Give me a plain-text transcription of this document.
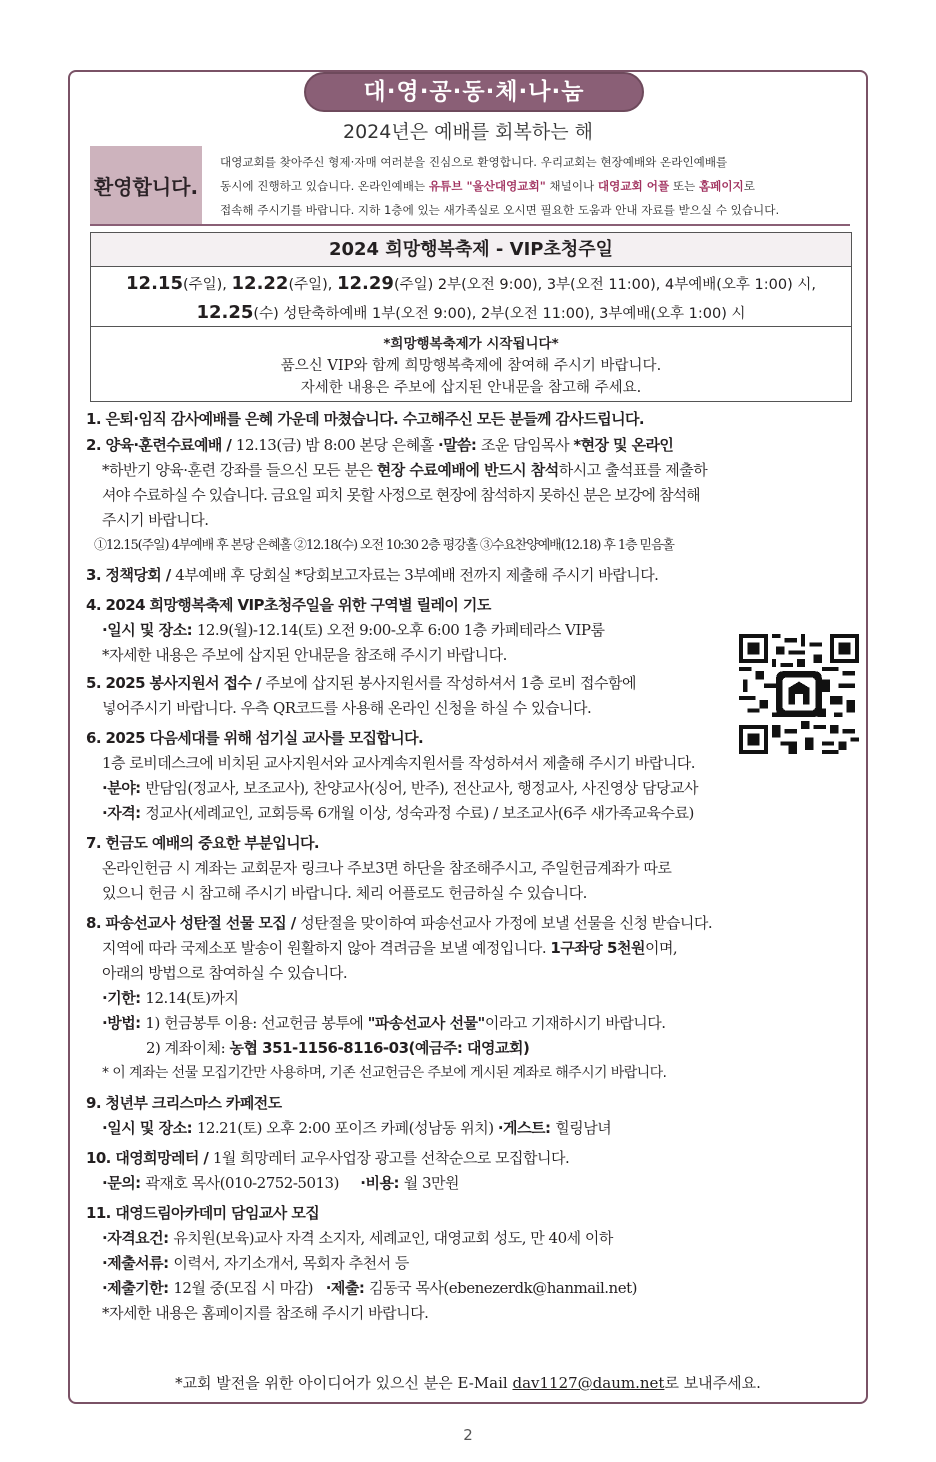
대·영·공·동·체·나·눔
2024년은 예배를 회복하는 해
환영합니다.
대영교회를 찾아주신 형제·자매 여러분을 진심으로 환영합니다. 우리교회는 현장예배와 온라인예배를
동시에 진행하고 있습니다. 온라인예배는 유튜브 "울산대영교회" 채널이나 대영교회 어플 또는 홈페이지로
접속해 주시기를 바랍니다. 지하 1층에 있는 새가족실로 오시면 필요한 도움과 안내 자료를 받으실 수 있습니다.
2024 희망행복축제 - VIP초청주일
12.15(주일), 12.22(주일), 12.29(주일) 2부(오전 9:00), 3부(오전 11:00), 4부예배(오후 1:00) 시,
12.25(수) 성탄축하예배 1부(오전 9:00), 2부(오전 11:00), 3부예배(오후 1:00) 시
*희망행복축제가 시작됩니다*
품으신 VIP와 함께 희망행복축제에 참여해 주시기 바랍니다.
자세한 내용은 주보에 삽지된 안내문을 참고해 주세요.
1. 은퇴·임직 감사예배를 은혜 가운데 마쳤습니다. 수고해주신 모든 분들께 감사드립니다.
2. 양육·훈련수료예배 / 12.13(금) 밤 8:00 본당 은혜홀 ·말씀: 조운 담임목사 *현장 및 온라인
*하반기 양육·훈련 강좌를 들으신 모든 분은 현장 수료예배에 반드시 참석하시고 출석표를 제출하
셔야 수료하실 수 있습니다. 금요일 피치 못할 사정으로 현장에 참석하지 못하신 분은 보강에 참석해
주시기 바랍니다.
①12.15(주일) 4부예배 후 본당 은혜홀 ②12.18(수) 오전 10:30 2층 평강홀 ③수요찬양예배(12.18) 후 1층 믿음홀
3. 정책당회 / 4부예배 후 당회실 *당회보고자료는 3부예배 전까지 제출해 주시기 바랍니다.
4. 2024 희망행복축제 VIP초청주일을 위한 구역별 릴레이 기도
·일시 및 장소: 12.9(월)-12.14(토) 오전 9:00-오후 6:00 1층 카페테라스 VIP룸
*자세한 내용은 주보에 삽지된 안내문을 참조해 주시기 바랍니다.
5. 2025 봉사지원서 접수 / 주보에 삽지된 봉사지원서를 작성하셔서 1층 로비 접수함에
넣어주시기 바랍니다. 우측 QR코드를 사용해 온라인 신청을 하실 수 있습니다.
6. 2025 다음세대를 위해 섬기실 교사를 모집합니다.
1층 로비데스크에 비치된 교사지원서와 교사계속지원서를 작성하셔서 제출해 주시기 바랍니다.
·분야: 반담임(정교사, 보조교사), 찬양교사(싱어, 반주), 전산교사, 행정교사, 사진영상 담당교사
·자격: 정교사(세례교인, 교회등록 6개월 이상, 성숙과정 수료) / 보조교사(6주 새가족교육수료)
7. 헌금도 예배의 중요한 부분입니다.
온라인헌금 시 계좌는 교회문자 링크나 주보3면 하단을 참조해주시고, 주일헌금계좌가 따로
있으니 헌금 시 참고해 주시기 바랍니다. 체리 어플로도 헌금하실 수 있습니다.
8. 파송선교사 성탄절 선물 모집 / 성탄절을 맞이하여 파송선교사 가정에 보낼 선물을 신청 받습니다.
지역에 따라 국제소포 발송이 원활하지 않아 격려금을 보낼 예정입니다. 1구좌당 5천원이며,
아래의 방법으로 참여하실 수 있습니다.
·기한: 12.14(토)까지
·방법: 1) 헌금봉투 이용: 선교헌금 봉투에 "파송선교사 선물"이라고 기재하시기 바랍니다.
2) 계좌이체: 농협 351-1156-8116-03(예금주: 대영교회)
* 이 계좌는 선물 모집기간만 사용하며, 기존 선교헌금은 주보에 게시된 계좌로 해주시기 바랍니다.
9. 청년부 크리스마스 카페전도
·일시 및 장소: 12.21(토) 오후 2:00 포이즈 카페(성남동 위치) ·게스트: 힐링남녀
10. 대영희망레터 / 1월 희망레터 교우사업장 광고를 선착순으로 모집합니다.
·문의: 곽재호 목사(010-2752-5013)     ·비용: 월 3만원
11. 대영드림아카데미 담임교사 모집
·자격요건: 유치원(보육)교사 자격 소지자, 세례교인, 대영교회 성도, 만 40세 이하
·제출서류: 이력서, 자기소개서, 목회자 추천서 등
·제출기한: 12월 중(모집 시 마감)   ·제출: 김동국 목사(ebenezerdk@hanmail.net)
*자세한 내용은 홈페이지를 참조해 주시기 바랍니다.
*교회 발전을 위한 아이디어가 있으신 분은 E-Mail dav1127@daum.net로 보내주세요.
2
